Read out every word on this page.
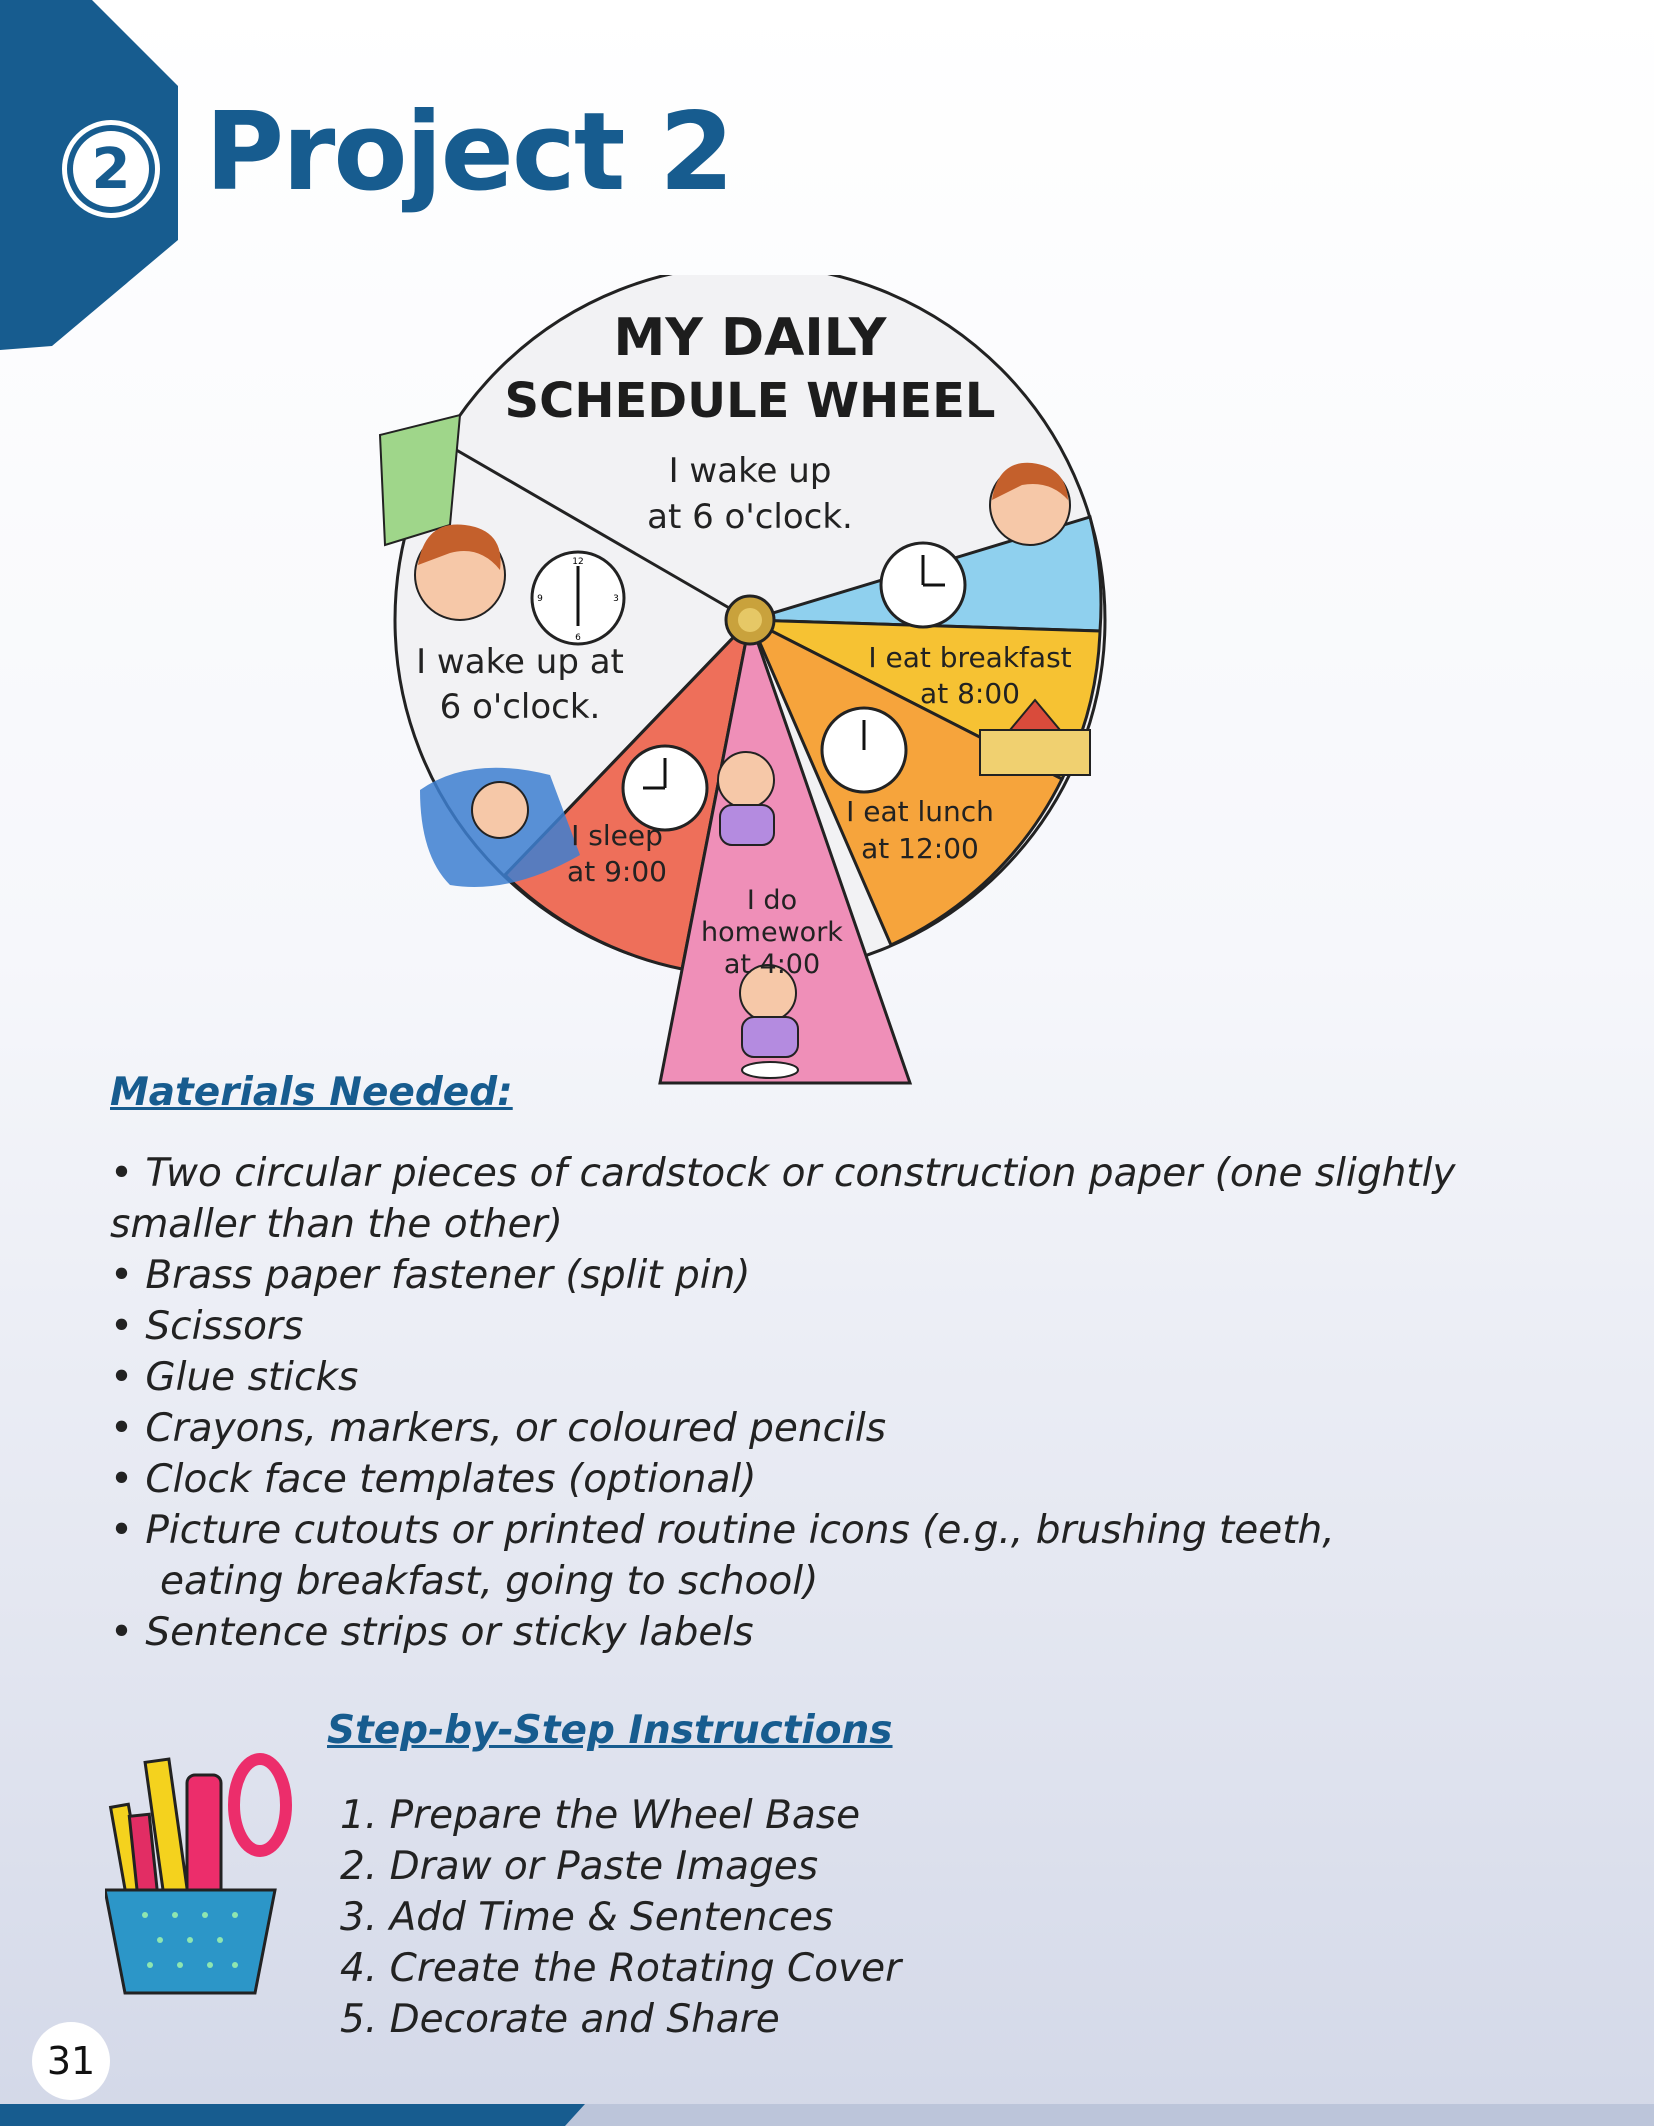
2 Project 2
12
3
6
9
MY DAILY
SCHEDULE WHEEL
I wake up
at 6 o'clock.
I wake up at
6 o'clock.
I eat breakfast
at 8:00
I eat lunch
at 12:00
I sleep
at 9:00
I do
homework
at 4:00
Materials Needed:
• Two circular pieces of cardstock or construction paper (one slightly
smaller than the other)
• Brass paper fastener (split pin)
• Scissors
• Glue sticks
• Crayons, markers, or coloured pencils
• Clock face templates (optional)
• Picture cutouts or printed routine icons (e.g., brushing teeth,
eating breakfast, going to school)
• Sentence strips or sticky labels
Step-by-Step Instructions
1. Prepare the Wheel Base
2. Draw or Paste Images
3. Add Time & Sentences
4. Create the Rotating Cover
5. Decorate and Share
31
